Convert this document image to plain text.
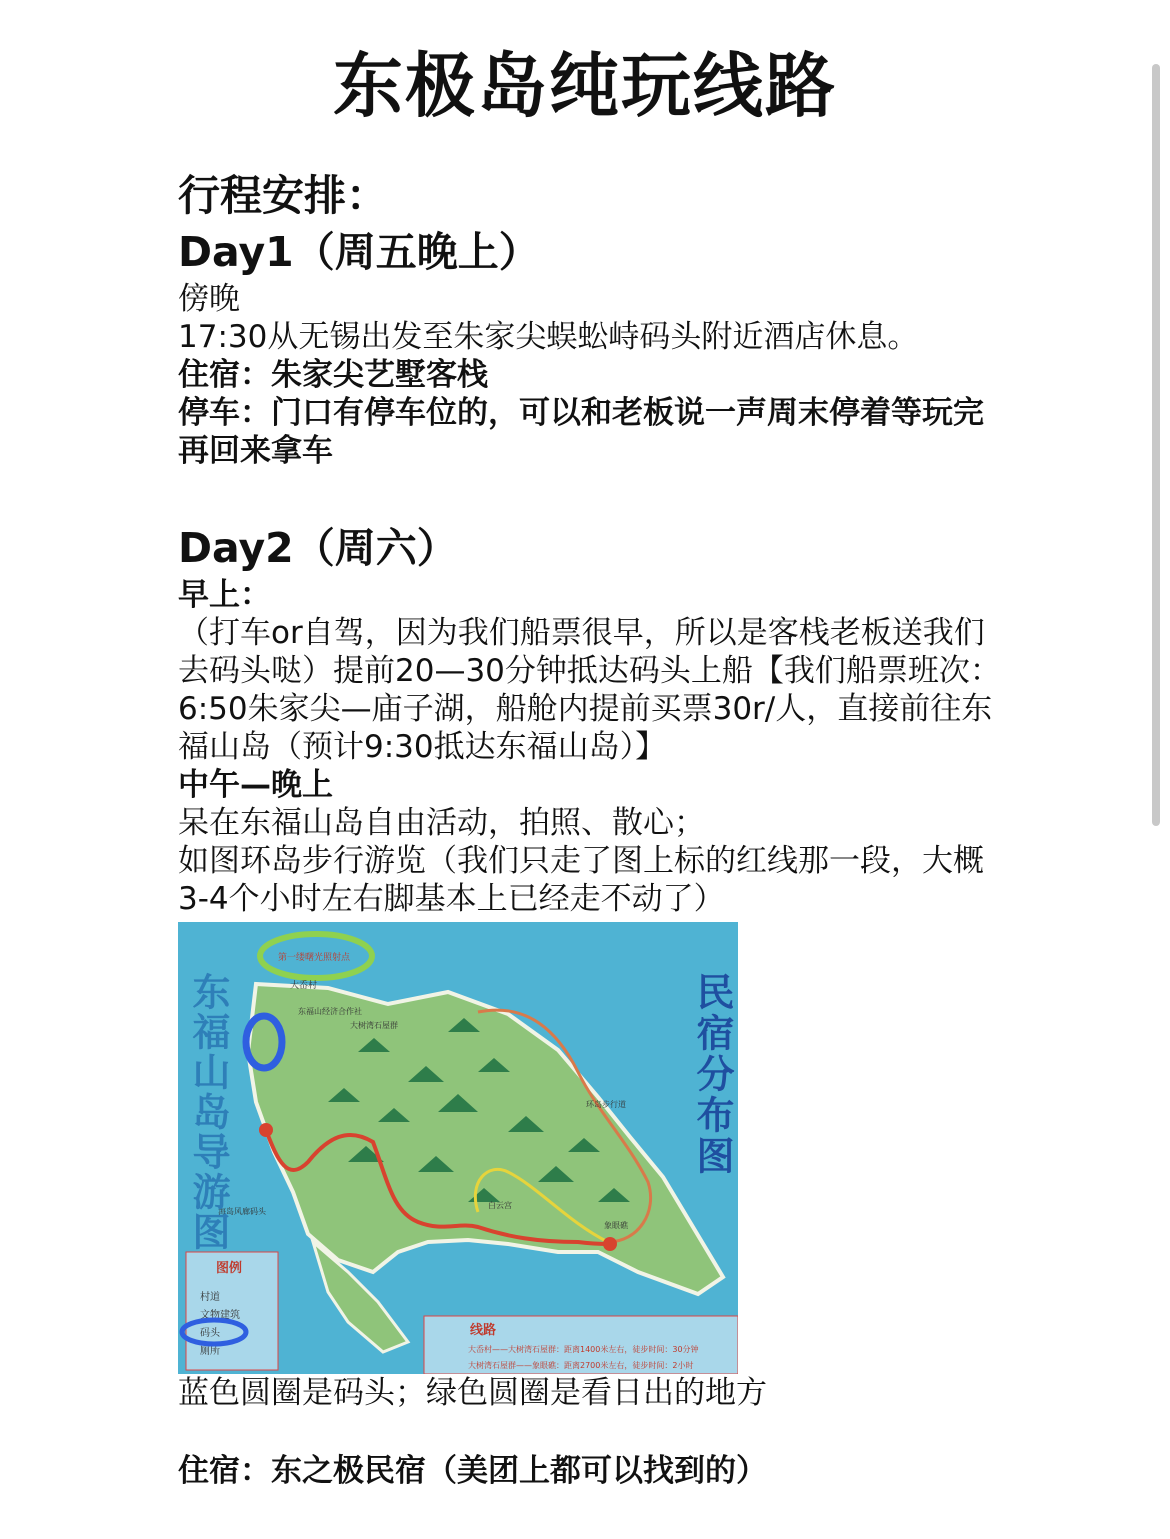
东极岛纯玩线路
行程安排：
Day1（周五晚上）
傍晚
17:30从无锡出发至朱家尖蜈蚣峙码头附近酒店休息。
住宿：朱家尖艺墅客栈
停车：门口有停车位的，可以和老板说一声周末停着等玩完再回来拿车
Day2（周六）
早上：
（打车or自驾，因为我们船票很早，所以是客栈老板送我们去码头哒）提前20—30分钟抵达码头上船【我们船票班次：6:50朱家尖—庙子湖，船舱内提前买票30r/人，直接前往东福山岛（预计9:30抵达东福山岛）】
中午—晚上
呆在东福山岛自由活动，拍照、散心；
如图环岛步行游览（我们只走了图上标的红线那一段，大概3-4个小时左右脚基本上已经走不动了）
第一缕曙光照射点
大岙村
东福山经济合作社
大树湾石屋群
环岛步行道
白云宫
象眼礁
海岛风廊码头
东福山岛导游图	民宿分布图
图例
村道
文物建筑
码头
厕所
线路
大岙村——大树湾石屋群：距离1400米左右，徒步时间：30分钟
大树湾石屋群——象眼礁：距离2700米左右，徒步时间：2小时
蓝色圆圈是码头；绿色圆圈是看日出的地方
住宿：东之极民宿（美团上都可以找到的）
